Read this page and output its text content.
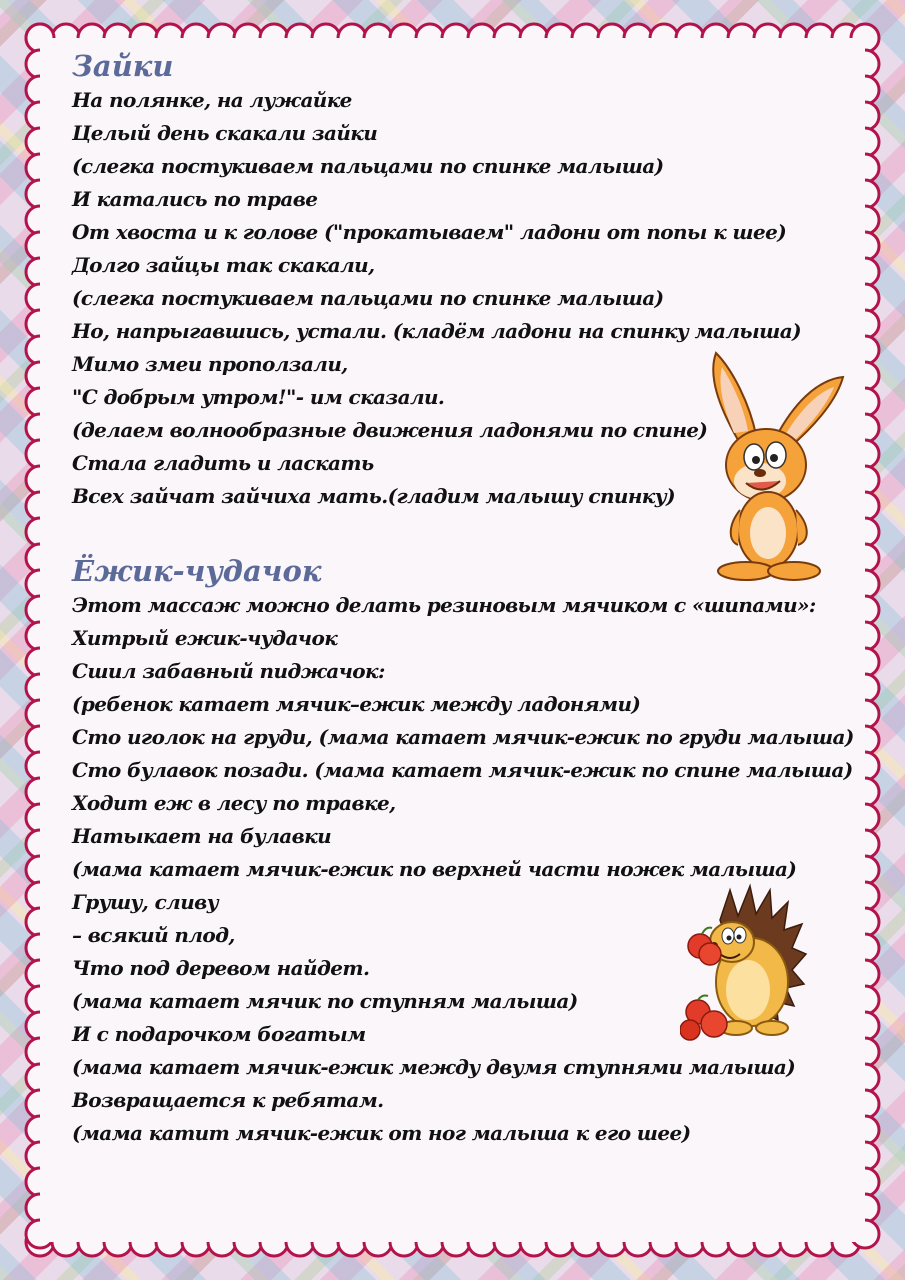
Зайки

На полянке, на лужайке

Целый день скакали зайки

(слегка постукиваем пальцами по спинке малыша)

И катались по траве

От хвоста и к голове ("прокатываем" ладони от попы к шее)

Долго зайцы так скакали,

(слегка постукиваем пальцами по спинке малыша)

Но, напрыгавшись, устали. (кладём ладони на спинку малыша)

Мимо змеи проползали,

"С добрым утром!"- им сказали.

(делаем волнообразные движения ладонями по спине)

Стала гладить и ласкать

Всех зайчат зайчиха мать.(гладим малышу спинку)

Ёжик-чудачок

Этот массаж можно делать резиновым мячиком с «шипами»:

Хитрый ежик-чудачок

Сшил забавный пиджачок:

(ребенок катает мячик–ежик между ладонями)

Сто иголок на груди, (мама катает мячик-ежик по груди малыша)

Сто булавок позади. (мама катает мячик-ежик по спине малыша)

Ходит еж в лесу по травке,

Натыкает на булавки

(мама катает мячик-ежик по верхней части ножек малыша)

Грушу, сливу

– всякий плод,

Что под деревом найдет.

(мама катает мячик по ступням малыша)

И с подарочком богатым

(мама катает мячик-ежик между двумя ступнями малыша)

Возвращается к ребятам.

(мама катит мячик-ежик от ног малыша к его шее)
